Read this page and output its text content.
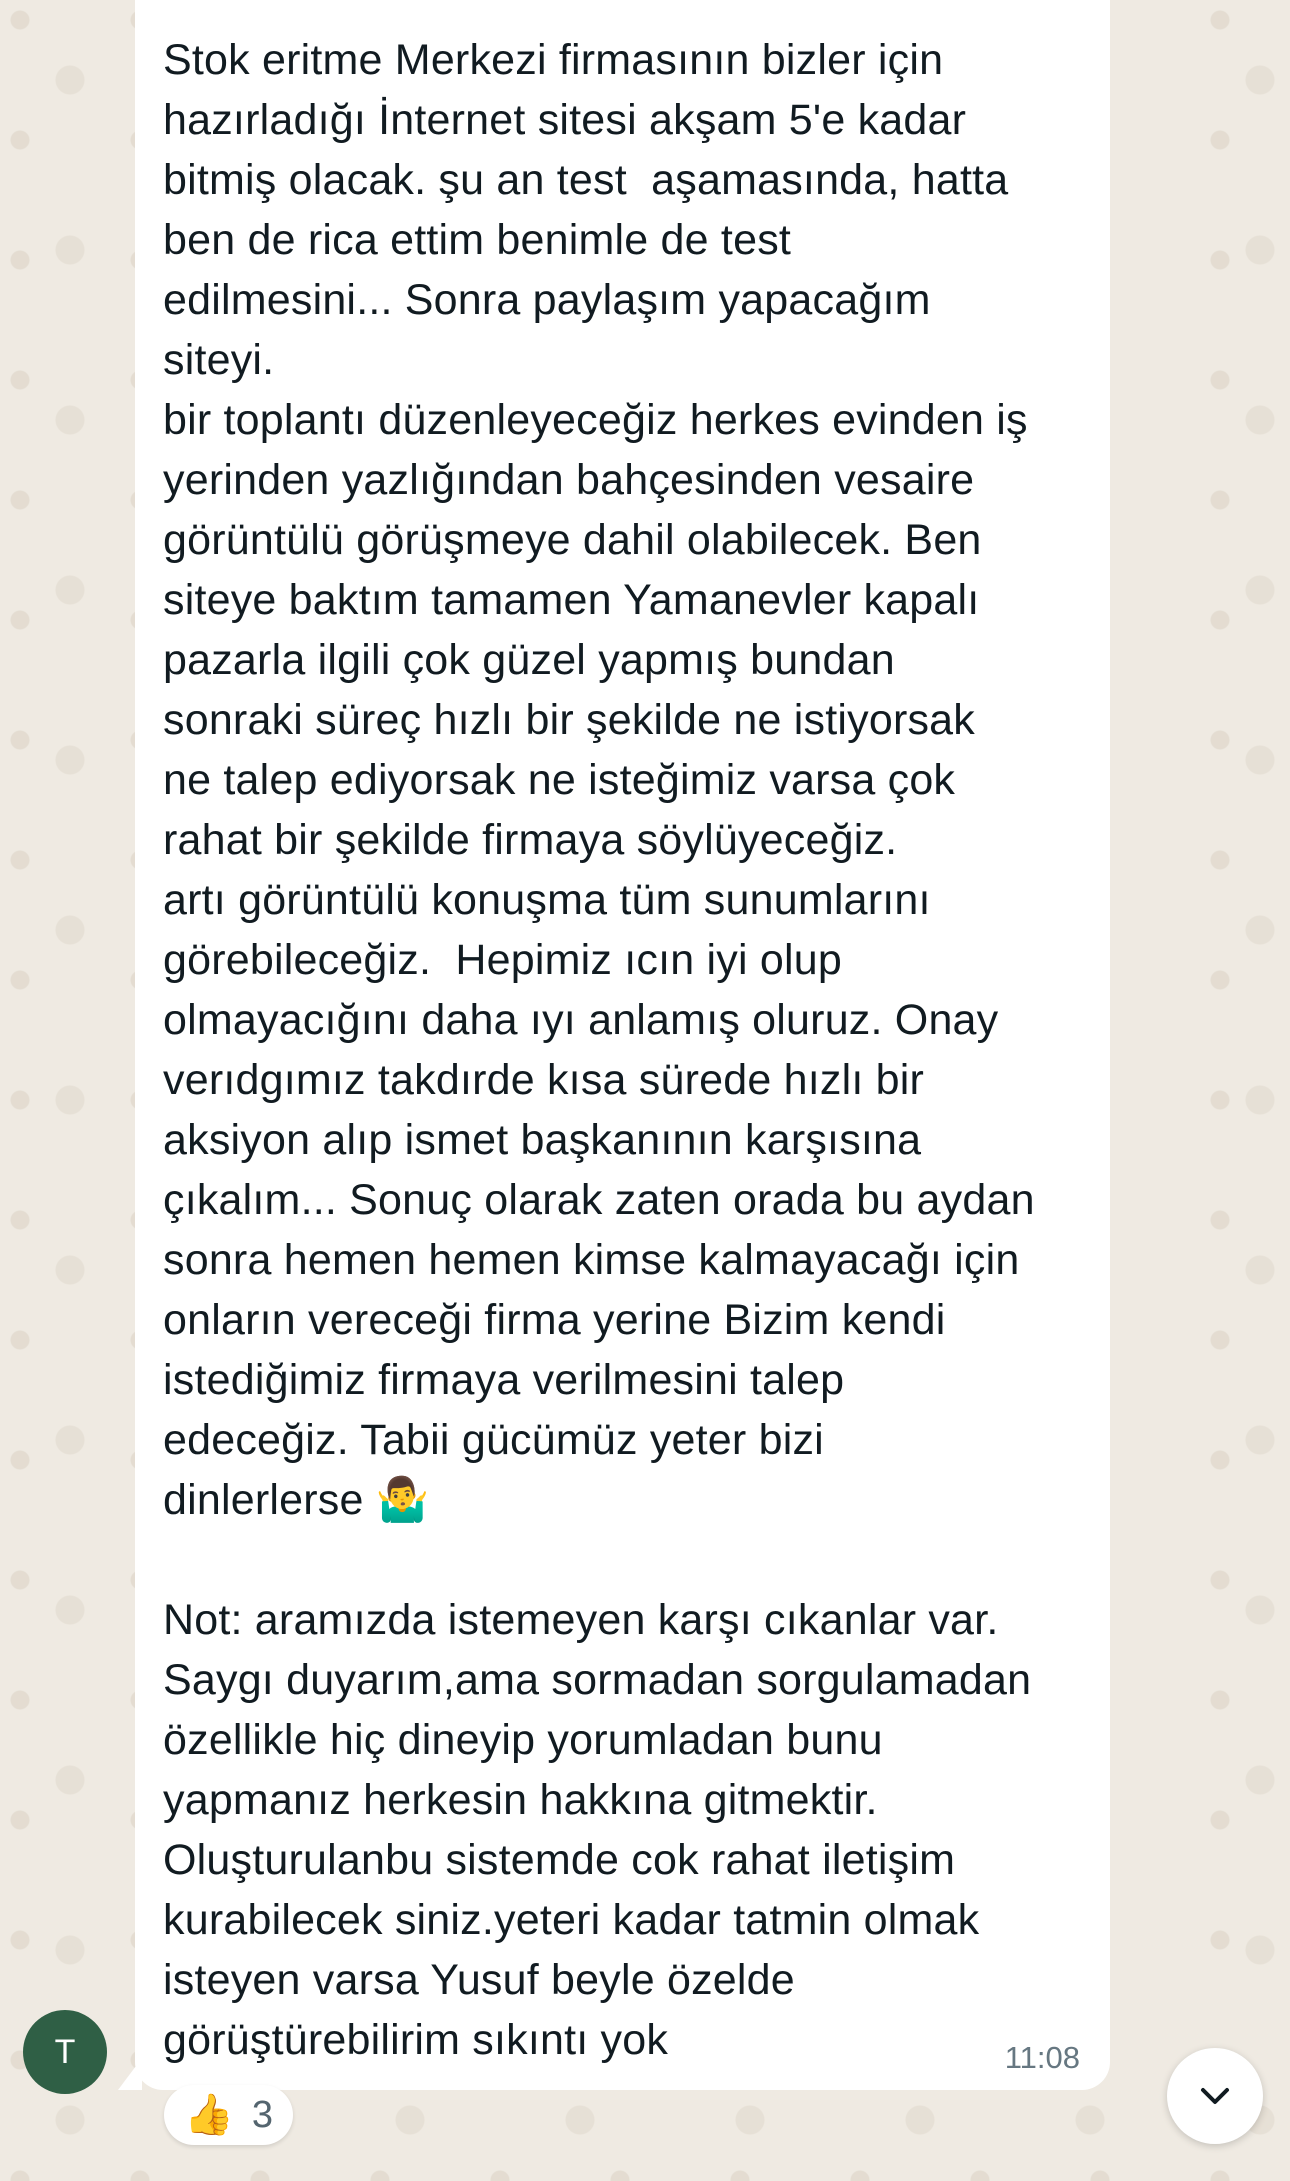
Stok eritme Merkezi firmasının bizler için
hazırladığı İnternet sitesi akşam 5'e kadar
bitmiş olacak. şu an test  aşamasında, hatta
ben de rica ettim benimle de test
edilmesini... Sonra paylaşım yapacağım
siteyi.
bir toplantı düzenleyeceğiz herkes evinden iş
yerinden yazlığından bahçesinden vesaire
görüntülü görüşmeye dahil olabilecek. Ben
siteye baktım tamamen Yamanevler kapalı
pazarla ilgili çok güzel yapmış bundan
sonraki süreç hızlı bir şekilde ne istiyorsak
ne talep ediyorsak ne isteğimiz varsa çok
rahat bir şekilde firmaya söylüyeceğiz.
artı görüntülü konuşma tüm sunumlarını
görebileceğiz.  Hepimiz ıcın iyi olup
olmayacığını daha ıyı anlamış oluruz. Onay
verıdgımız takdırde kısa sürede hızlı bir
aksiyon alıp ismet başkanının karşısına
çıkalım... Sonuç olarak zaten orada bu aydan
sonra hemen hemen kimse kalmayacağı için
onların vereceği firma yerine Bizim kendi
istediğimiz firmaya verilmesini talep
edeceğiz. Tabii gücümüz yeter bizi
dinlerlerse 🤷‍♂️

Not: aramızda istemeyen karşı cıkanlar var.
Saygı duyarım,ama sormadan sorgulamadan
özellikle hiç dineyip yorumladan bunu
yapmanız herkesin hakkına gitmektir.
Oluşturulanbu sistemde cok rahat iletişim
kurabilecek siniz.yeteri kadar tatmin olmak
isteyen varsa Yusuf beyle özelde
görüştürebilirim sıkıntı yok	11:08
T
👍 3
